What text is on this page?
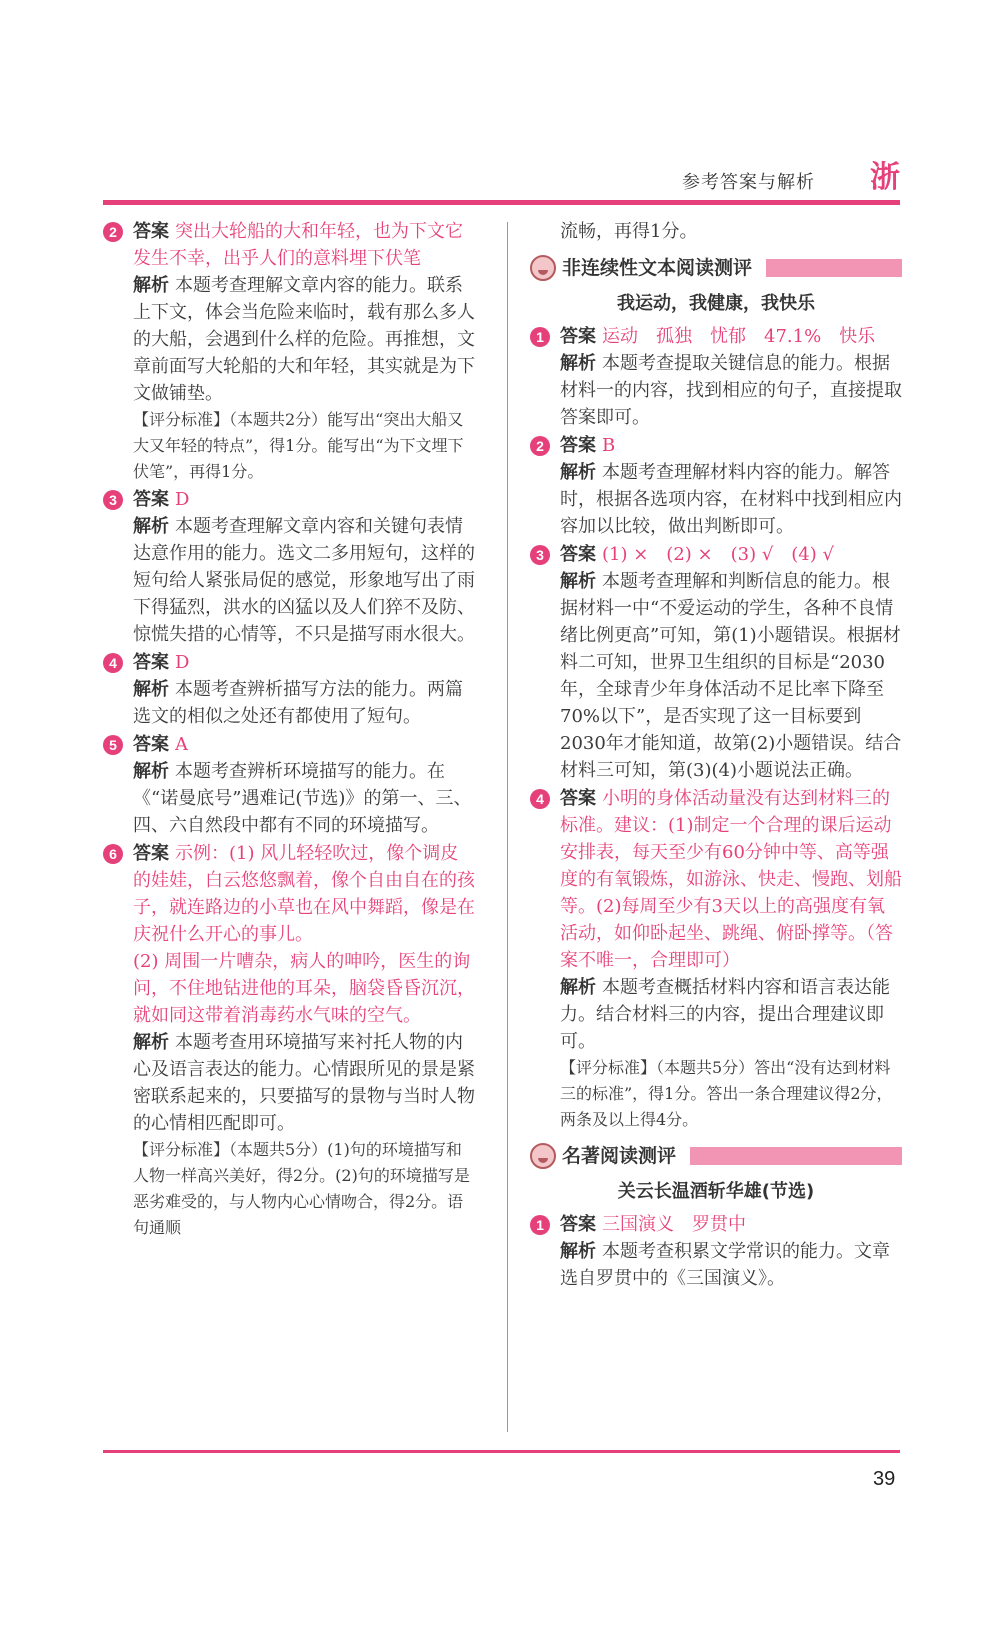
参考答案与解析 浙
2 答案 突出大轮船的大和年轻，也为下文它发生不幸，出乎人们的意料埋下伏笔

解析 本题考查理解文章内容的能力。联系上下文，体会当危险来临时，载有那么多人的大船，会遇到什么样的危险。再推想，文章前面写大轮船的大和年轻，其实就是为下文做铺垫。

【评分标准】（本题共2分）能写出“突出大船又大又年轻的特点”，得1分。能写出“为下文埋下伏笔”，再得1分。

3 答案 D

解析 本题考查理解文章内容和关键句表情达意作用的能力。选文二多用短句，这样的短句给人紧张局促的感觉，形象地写出了雨下得猛烈，洪水的凶猛以及人们猝不及防、惊慌失措的心情等，不只是描写雨水很大。

4 答案 D

解析 本题考查辨析描写方法的能力。两篇选文的相似之处还有都使用了短句。

5 答案 A

解析 本题考查辨析环境描写的能力。在《“诺曼底号”遇难记(节选)》的第一、三、四、六自然段中都有不同的环境描写。

6 答案 示例：(1) 风儿轻轻吹过，像个调皮的娃娃，白云悠悠飘着，像个自由自在的孩子，就连路边的小草也在风中舞蹈，像是在庆祝什么开心的事儿。

(2) 周围一片嘈杂，病人的呻吟，医生的询问，不住地钻进他的耳朵，脑袋昏昏沉沉，就如同这带着消毒药水气味的空气。

解析 本题考查用环境描写来衬托人物的内心及语言表达的能力。心情跟所见的景是紧密联系起来的，只要描写的景物与当时人物的心情相匹配即可。

【评分标准】（本题共5分）(1)句的环境描写和人物一样高兴美好，得2分。(2)句的环境描写是恶劣难受的，与人物内心心情吻合，得2分。语句通顺

流畅，再得1分。

非连续性文本阅读测评
我运动，我健康，我快乐
1 答案 运动　孤独　忧郁　47.1%　快乐

解析 本题考查提取关键信息的能力。根据材料一的内容，找到相应的句子，直接提取答案即可。

2 答案 B

解析 本题考查理解材料内容的能力。解答时，根据各选项内容，在材料中找到相应内容加以比较，做出判断即可。

3 答案 (1) ×　(2) ×　(3) √　(4) √

解析 本题考查理解和判断信息的能力。根据材料一中“不爱运动的学生，各种不良情绪比例更高”可知，第(1)小题错误。根据材料二可知，世界卫生组织的目标是“2030年，全球青少年身体活动不足比率下降至70%以下”，是否实现了这一目标要到2030年才能知道，故第(2)小题错误。结合材料三可知，第(3)(4)小题说法正确。

4 答案 小明的身体活动量没有达到材料三的标准。建议：(1)制定一个合理的课后运动安排表，每天至少有60分钟中等、高等强度的有氧锻炼，如游泳、快走、慢跑、划船等。(2)每周至少有3天以上的高强度有氧活动，如仰卧起坐、跳绳、俯卧撑等。（答案不唯一，合理即可）

解析 本题考查概括材料内容和语言表达能力。结合材料三的内容，提出合理建议即可。

【评分标准】（本题共5分）答出“没有达到材料三的标准”，得1分。答出一条合理建议得2分，两条及以上得4分。

名著阅读测评
关云长温酒斩华雄(节选)
1 答案 三国演义　罗贯中

解析 本题考查积累文学常识的能力。文章选自罗贯中的《三国演义》。

39
